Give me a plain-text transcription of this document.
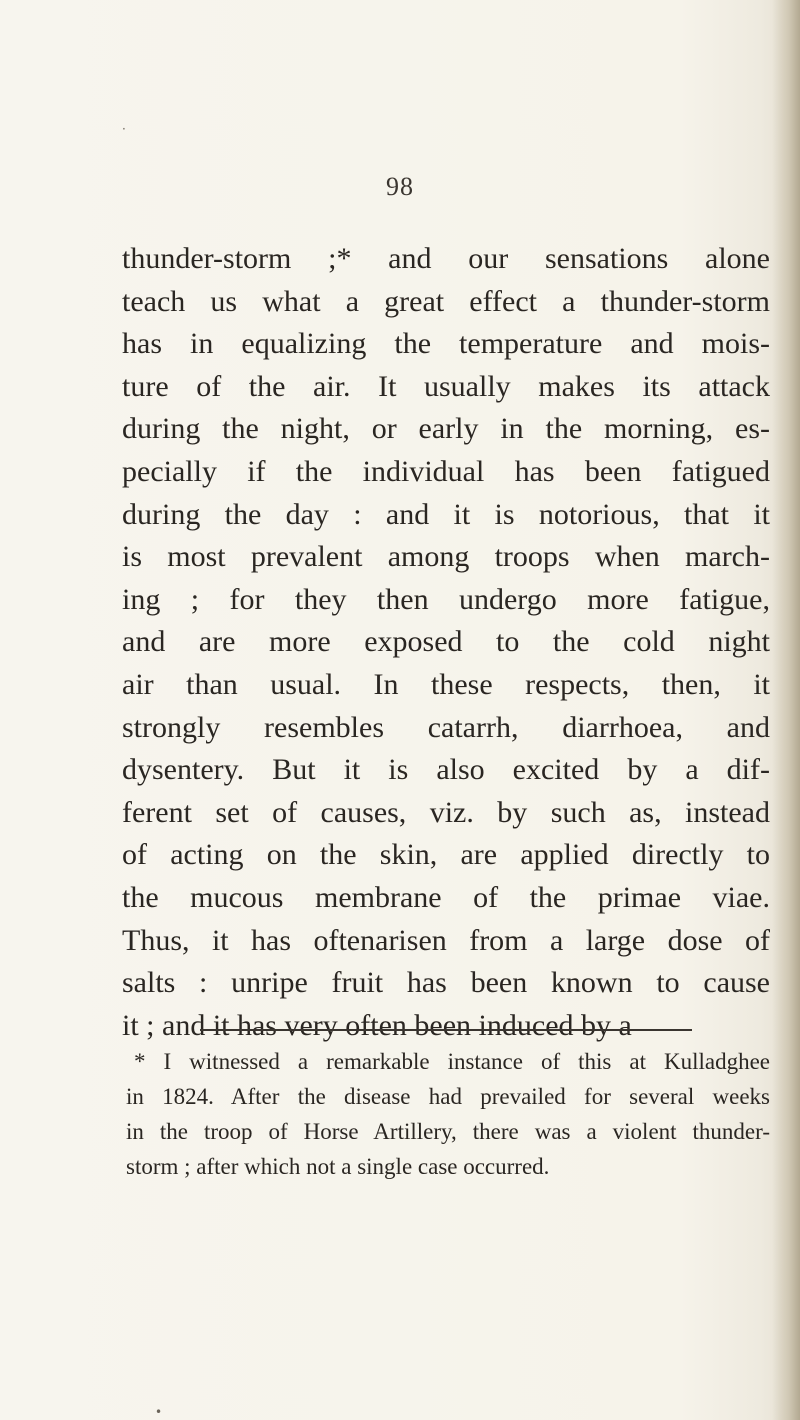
98
thunder-storm ;* and our sensations alone
teach us what a great effect a thunder-storm
has in equalizing the temperature and mois-
ture of the air. It usually makes its attack
during the night, or early in the morning, es-
pecially if the individual has been fatigued
during the day : and it is notorious, that it
is most prevalent among troops when march-
ing ; for they then undergo more fatigue,
and are more exposed to the cold night
air than usual. In these respects, then, it
strongly resembles catarrh, diarrhoea, and
dysentery. But it is also excited by a dif-
ferent set of causes, viz. by such as, instead
of acting on the skin, are applied directly to
the mucous membrane of the primae viae.
Thus, it has oftenarisen from a large dose of
salts : unripe fruit has been known to cause
it ; and it has very often been induced by a
* I witnessed a remarkable instance of this at Kulladghee
in 1824. After the disease had prevailed for several weeks
in the troop of Horse Artillery, there was a violent thunder-
storm ; after which not a single case occurred.
·
•
